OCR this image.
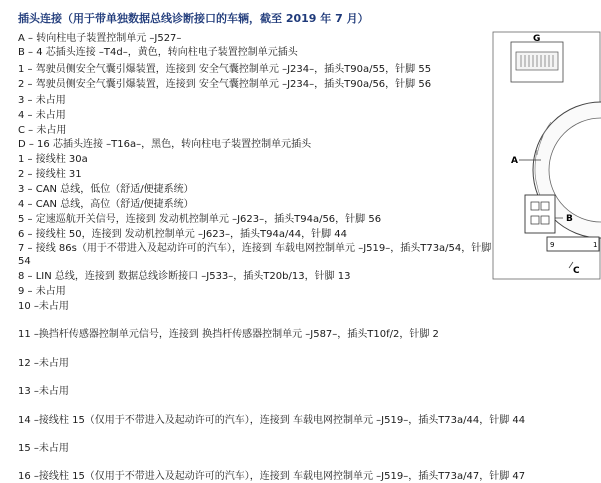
插头连接（用于带单独数据总线诊断接口的车辆，截至 2019 年 7 月）
A – 转向柱电子装置控制单元 –J527–
B – 4 芯插头连接 –T4d–，黄色，转向柱电子装置控制单元插头
1 – 驾驶员侧安全气囊引爆装置，连接到 安全气囊控制单元 –J234–，插头T90a/55，针脚 55
2 – 驾驶员侧安全气囊引爆装置，连接到 安全气囊控制单元 –J234–，插头T90a/56，针脚 56
3 – 未占用
4 – 未占用
C – 未占用
D – 16 芯插头连接 –T16a–，黑色，转向柱电子装置控制单元插头
1 – 接线柱 30a
2 – 接线柱 31
3 – CAN 总线，低位（舒适/便捷系统）
4 – CAN 总线，高位（舒适/便捷系统）
5 – 定速巡航开关信号，连接到 发动机控制单元 –J623–，插头T94a/56，针脚 56
6 – 接线柱 50，连接到 发动机控制单元 –J623–，插头T94a/44，针脚 44
7 – 接线 86s（用于不带进入及起动许可的汽车），连接到 车载电网控制单元 –J519–，插头T73a/54，针脚 54
8 – LIN 总线，连接到 数据总线诊断接口 –J533–，插头T20b/13，针脚 13
9 – 未占用
10 –未占用
11 –换挡杆传感器控制单元信号，连接到 换挡杆传感器控制单元 –J587–，插头T10f/2，针脚 2
12 –未占用
13 –未占用
14 –接线柱 15（仅用于不带进入及起动许可的汽车），连接到 车载电网控制单元 –J519–，插头T73a/44，针脚 44
15 –未占用
16 –接线柱 15（仅用于不带进入及起动许可的汽车），连接到 车载电网控制单元 –J519–，插头T73a/47，针脚 47
G
A
B
9	1
C
